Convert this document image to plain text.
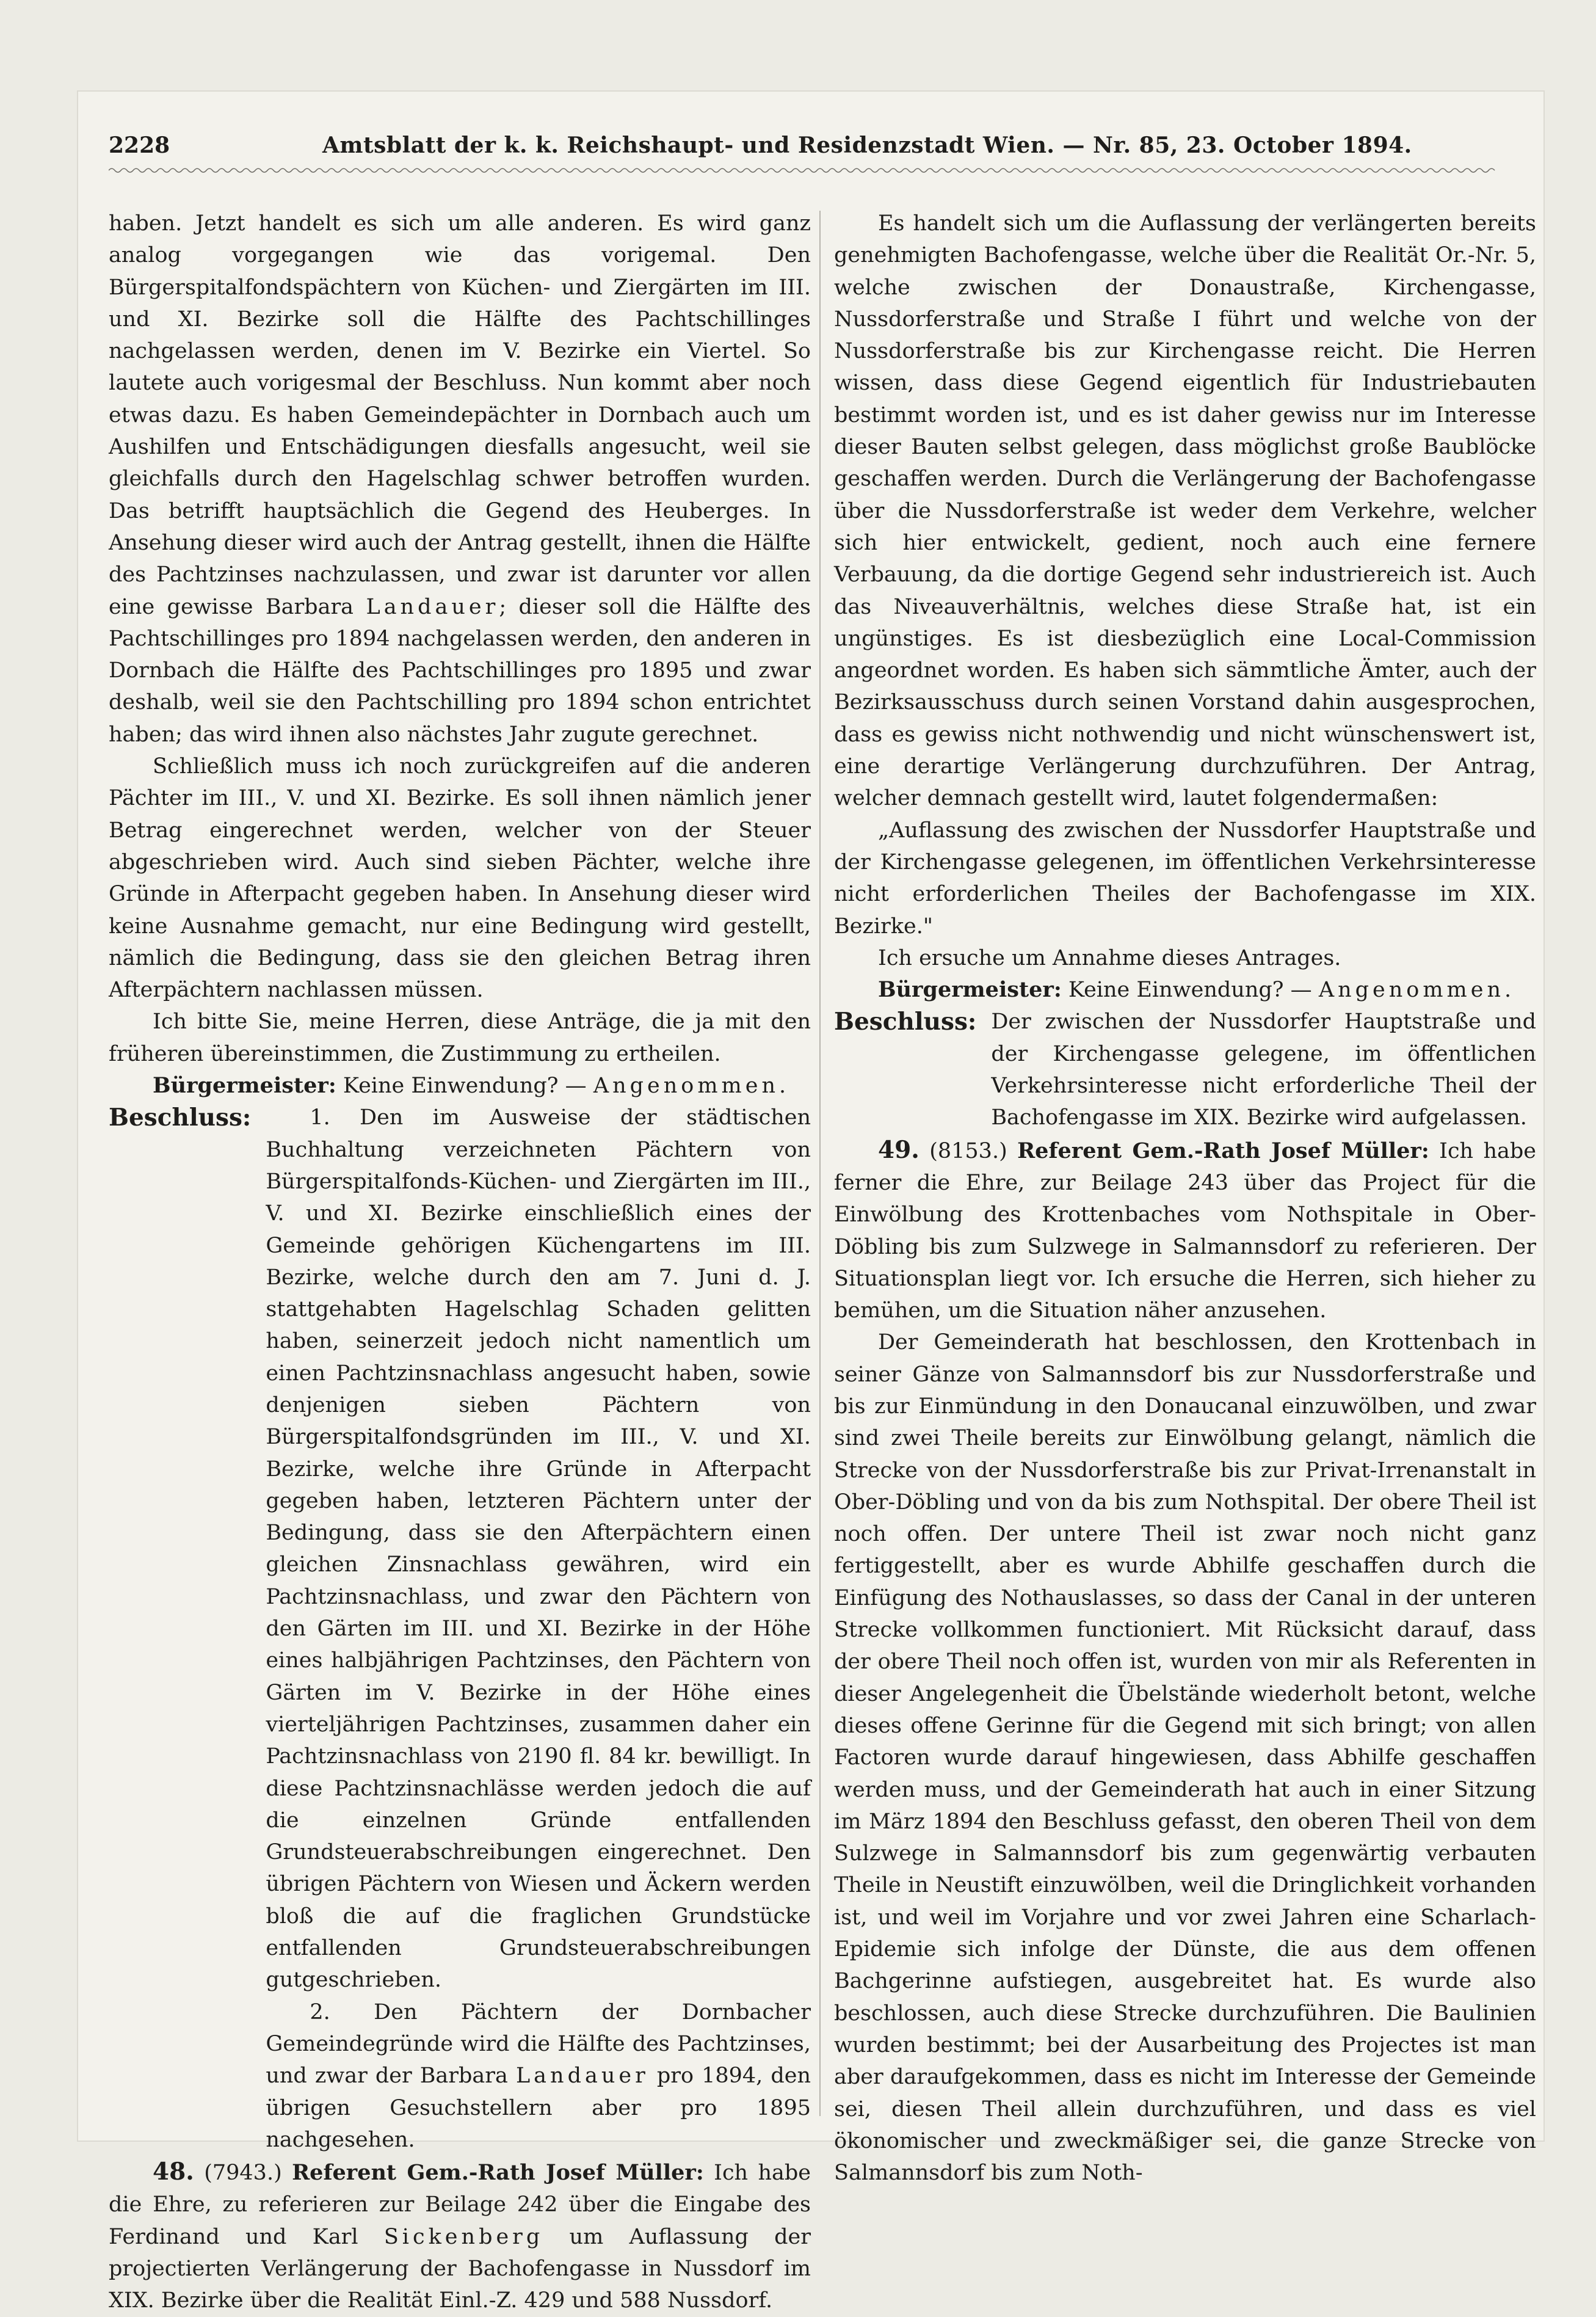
2228	Amtsblatt der k. k. Reichshaupt- und Residenzstadt Wien. — Nr. 85, 23. October 1894.

haben. Jetzt handelt es sich um alle anderen. Es wird ganz analog vorgegangen wie das vorigemal. Den Bürgerspitalfondspächtern von Küchen- und Ziergärten im III. und XI. Bezirke soll die Hälfte des Pachtschillinges nachgelassen werden, denen im V. Bezirke ein Viertel. So lautete auch vorigesmal der Beschluss. Nun kommt aber noch etwas dazu. Es haben Gemeindepächter in Dornbach auch um Aushilfen und Entschädigungen diesfalls angesucht, weil sie gleichfalls durch den Hagelschlag schwer betroffen wurden. Das betrifft hauptsächlich die Gegend des Heuberges. In Ansehung dieser wird auch der Antrag gestellt, ihnen die Hälfte des Pachtzinses nachzulassen, und zwar ist darunter vor allen eine gewisse Barbara Landauer; dieser soll die Hälfte des Pachtschillinges pro 1894 nachgelassen werden, den anderen in Dornbach die Hälfte des Pachtschillinges pro 1895 und zwar deshalb, weil sie den Pachtschilling pro 1894 schon entrichtet haben; das wird ihnen also nächstes Jahr zugute gerechnet.

Schließlich muss ich noch zurückgreifen auf die anderen Pächter im III., V. und XI. Bezirke. Es soll ihnen nämlich jener Betrag eingerechnet werden, welcher von der Steuer abgeschrieben wird. Auch sind sieben Pächter, welche ihre Gründe in Afterpacht gegeben haben. In Ansehung dieser wird keine Ausnahme gemacht, nur eine Bedingung wird gestellt, nämlich die Bedingung, dass sie den gleichen Betrag ihren Afterpächtern nachlassen müssen.

Ich bitte Sie, meine Herren, diese Anträge, die ja mit den früheren übereinstimmen, die Zustimmung zu ertheilen.

Bürgermeister: Keine Einwendung? — Angenommen.

Beschluss:	1. Den im Ausweise der städtischen Buchhaltung verzeichneten Pächtern von Bürgerspitalfonds-Küchen- und Ziergärten im III., V. und XI. Bezirke einschließlich eines der Gemeinde gehörigen Küchengartens im III. Bezirke, welche durch den am 7. Juni d. J. stattgehabten Hagelschlag Schaden gelitten haben, seinerzeit jedoch nicht namentlich um einen Pachtzinsnachlass angesucht haben, sowie denjenigen sieben Pächtern von Bürgerspitalfondsgründen im III., V. und XI. Bezirke, welche ihre Gründe in Afterpacht gegeben haben, letzteren Pächtern unter der Bedingung, dass sie den Afterpächtern einen gleichen Zinsnachlass gewähren, wird ein Pachtzinsnachlass, und zwar den Pächtern von den Gärten im III. und XI. Bezirke in der Höhe eines halbjährigen Pachtzinses, den Pächtern von Gärten im V. Bezirke in der Höhe eines vierteljährigen Pachtzinses, zusammen daher ein Pachtzinsnachlass von 2190 fl. 84 kr. bewilligt. In diese Pachtzinsnachlässe werden jedoch die auf die einzelnen Gründe entfallenden Grundsteuerabschreibungen eingerechnet. Den übrigen Pächtern von Wiesen und Äckern werden bloß die auf die fraglichen Grundstücke entfallenden Grundsteuerabschreibungen gutgeschrieben.

2. Den Pächtern der Dornbacher Gemeindegründe wird die Hälfte des Pachtzinses, und zwar der Barbara Landauer pro 1894, den übrigen Gesuchstellern aber pro 1895 nachgesehen.

48. (7943.) Referent Gem.-Rath Josef Müller: Ich habe die Ehre, zu referieren zur Beilage 242 über die Eingabe des Ferdinand und Karl Sickenberg um Auflassung der projectierten Verlängerung der Bachofengasse in Nussdorf im XIX. Bezirke über die Realität Einl.-Z. 429 und 588 Nussdorf.

Es handelt sich um die Auflassung der verlängerten bereits genehmigten Bachofengasse, welche über die Realität Or.-Nr. 5, welche zwischen der Donaustraße, Kirchengasse, Nussdorferstraße und Straße I führt und welche von der Nussdorferstraße bis zur Kirchengasse reicht. Die Herren wissen, dass diese Gegend eigentlich für Industriebauten bestimmt worden ist, und es ist daher gewiss nur im Interesse dieser Bauten selbst gelegen, dass möglichst große Baublöcke geschaffen werden. Durch die Verlängerung der Bachofengasse über die Nussdorferstraße ist weder dem Verkehre, welcher sich hier entwickelt, gedient, noch auch eine fernere Verbauung, da die dortige Gegend sehr industriereich ist. Auch das Niveauverhältnis, welches diese Straße hat, ist ein ungünstiges. Es ist diesbezüglich eine Local-Commission angeordnet worden. Es haben sich sämmtliche Ämter, auch der Bezirksausschuss durch seinen Vorstand dahin ausgesprochen, dass es gewiss nicht nothwendig und nicht wünschenswert ist, eine derartige Verlängerung durchzuführen. Der Antrag, welcher demnach gestellt wird, lautet folgendermaßen:

„Auflassung des zwischen der Nussdorfer Hauptstraße und der Kirchengasse gelegenen, im öffentlichen Verkehrsinteresse nicht erforderlichen Theiles der Bachofengasse im XIX. Bezirke."

Ich ersuche um Annahme dieses Antrages.

Bürgermeister: Keine Einwendung? — Angenommen.

Beschluss: Der zwischen der Nussdorfer Hauptstraße und der Kirchengasse gelegene, im öffentlichen Verkehrsinteresse nicht erforderliche Theil der Bachofengasse im XIX. Bezirke wird aufgelassen.

49. (8153.) Referent Gem.-Rath Josef Müller: Ich habe ferner die Ehre, zur Beilage 243 über das Project für die Einwölbung des Krottenbaches vom Nothspitale in Ober-Döbling bis zum Sulzwege in Salmannsdorf zu referieren. Der Situationsplan liegt vor. Ich ersuche die Herren, sich hieher zu bemühen, um die Situation näher anzusehen.

Der Gemeinderath hat beschlossen, den Krottenbach in seiner Gänze von Salmannsdorf bis zur Nussdorferstraße und bis zur Einmündung in den Donaucanal einzuwölben, und zwar sind zwei Theile bereits zur Einwölbung gelangt, nämlich die Strecke von der Nussdorferstraße bis zur Privat-Irrenanstalt in Ober-Döbling und von da bis zum Nothspital. Der obere Theil ist noch offen. Der untere Theil ist zwar noch nicht ganz fertiggestellt, aber es wurde Abhilfe geschaffen durch die Einfügung des Nothauslasses, so dass der Canal in der unteren Strecke vollkommen functioniert. Mit Rücksicht darauf, dass der obere Theil noch offen ist, wurden von mir als Referenten in dieser Angelegenheit die Übelstände wiederholt betont, welche dieses offene Gerinne für die Gegend mit sich bringt; von allen Factoren wurde darauf hingewiesen, dass Abhilfe geschaffen werden muss, und der Gemeinderath hat auch in einer Sitzung im März 1894 den Beschluss gefasst, den oberen Theil von dem Sulzwege in Salmannsdorf bis zum gegenwärtig verbauten Theile in Neustift einzuwölben, weil die Dringlichkeit vorhanden ist, und weil im Vorjahre und vor zwei Jahren eine Scharlach-Epidemie sich infolge der Dünste, die aus dem offenen Bachgerinne aufstiegen, ausgebreitet hat. Es wurde also beschlossen, auch diese Strecke durchzuführen. Die Baulinien wurden bestimmt; bei der Ausarbeitung des Projectes ist man aber daraufgekommen, dass es nicht im Interesse der Gemeinde sei, diesen Theil allein durchzuführen, und dass es viel ökonomischer und zweckmäßiger sei, die ganze Strecke von Salmannsdorf bis zum Noth-
